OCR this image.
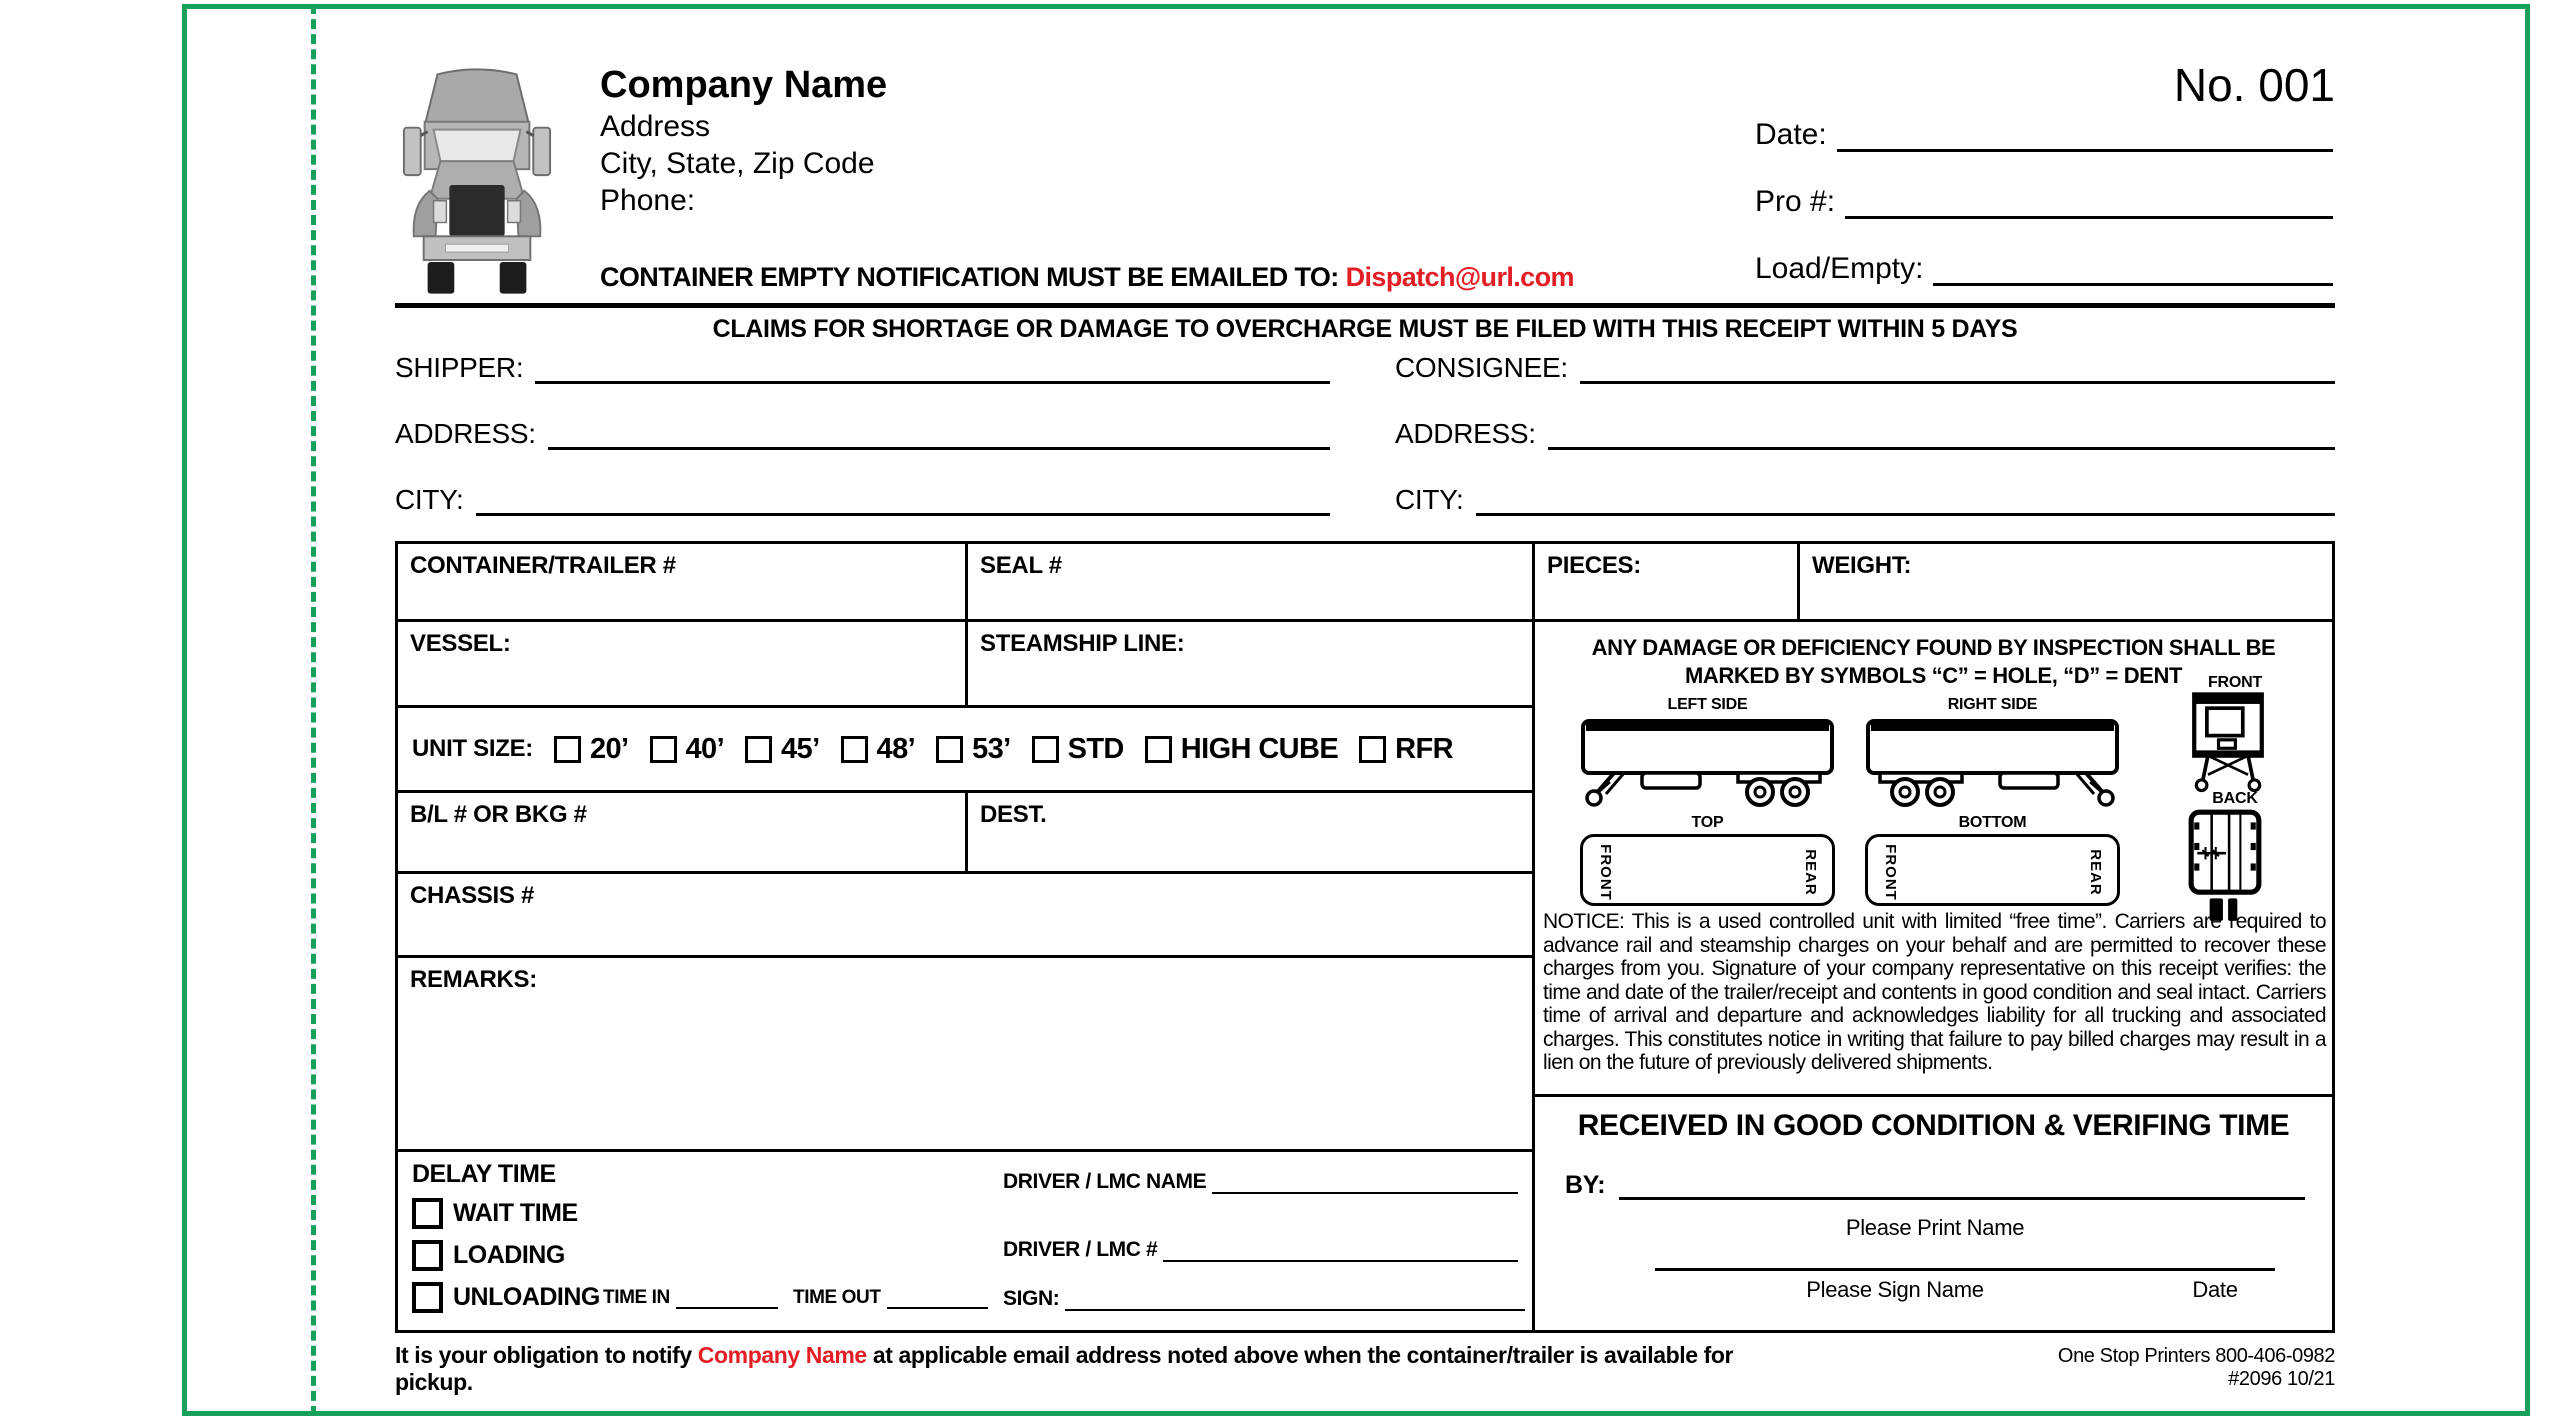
Company Name
Address
City, State, Zip Code
Phone:
CONTAINER EMPTY NOTIFICATION MUST BE EMAILED TO: Dispatch@url.com
No. 001
Date:
Pro #:
Load/Empty:
CLAIMS FOR SHORTAGE OR DAMAGE TO OVERCHARGE MUST BE FILED WITH THIS RECEIPT WITHIN 5 DAYS
SHIPPER:	CONSIGNEE:
ADDRESS:	ADDRESS:
CITY:	CITY:
CONTAINER/TRAILER #	SEAL #	PIECES:	WEIGHT:
VESSEL:	STEAMSHIP LINE:
UNIT SIZE: 20’ 40’ 45’ 48’ 53’ STD HIGH CUBE RFR
B/L # OR BKG #	DEST.
CHASSIS #
REMARKS:
DELAY TIME
WAIT TIME
LOADING
UNLOADING TIME IN	TIME OUT
DRIVER / LMC NAME
DRIVER / LMC #
SIGN:
ANY DAMAGE OR DEFICIENCY FOUND BY INSPECTION SHALL BE
MARKED BY SYMBOLS “C” = HOLE, “D” = DENT
LEFT SIDE	RIGHT SIDE
FRONT
TOP	BOTTOM
BACK
FRONT	REAR	FRONT	REAR
NOTICE: This is a used controlled unit with limited “free time”. Carriers are required to advance rail and steamship charges on your behalf and are permitted to recover these charges from you. Signature of your company representative on this receipt verifies: the time and date of the trailer/receipt and contents in good condition and seal intact. Carriers time of arrival and departure and acknowledges liability for all trucking and associated charges. This constitutes notice in writing that failure to pay billed charges may result in a lien on the future of previously delivered shipments.
RECEIVED IN GOOD CONDITION & VERIFING TIME
BY:
Please Print Name
Please Sign Name	Date
It is your obligation to notify Company Name at applicable email address noted above when the container/trailer is available for pickup.
One Stop Printers 800-406-0982 #2096 10/21
